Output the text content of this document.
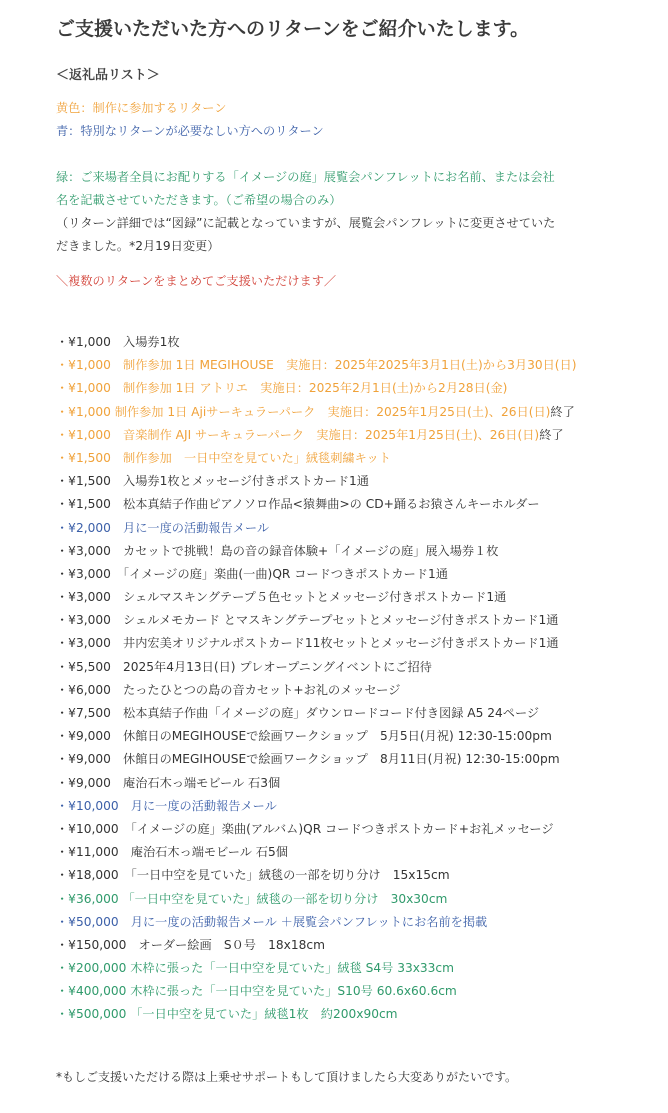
ご支援いただいた方へのリターンをご紹介いたします。

＜返礼品リスト＞

黄色：制作に参加するリターン

青：特別なリターンが必要なしい方へのリターン

緑：ご来場者全員にお配りする「イメージの庭」展覧会パンフレットにお名前、または会社

名を記載させていただきます。（ご希望の場合のみ）

（リターン詳細では“図録”に記載となっていますが、展覧会パンフレットに変更させていた

だきました。*2月19日変更）

＼複数のリターンをまとめてご支援いただけます／

・¥1,000　入場券1枚
・¥1,000　制作参加 1日 MEGIHOUSE　実施日：2025年2025年3月1日(土)から3月30日(日)
・¥1,000　制作参加 1日 アトリエ　実施日：2025年2月1日(土)から2月28日(金)
・¥1,000 制作参加 1日 Ajiサーキュラーパーク　実施日：2025年1月25日(土)、26日(日)終了
・¥1,000　音楽制作 AJI サーキュラーパーク　実施日：2025年1月25日(土)、26日(日)終了
・¥1,500　制作参加　一日中空を見ていた」絨毯刺繍キット
・¥1,500　入場券1枚とメッセージ付きポストカード1通
・¥1,500　松本真結子作曲ピアノソロ作品<猿舞曲>の CD+踊るお猿さんキーホルダー
・¥2,000　月に一度の活動報告メール
・¥3,000　カセットで挑戦！島の音の録音体験+「イメージの庭」展入場券１枚
・¥3,000　「イメージの庭」楽曲(一曲)QR コードつきポストカード1通
・¥3,000　シェルマスキングテープ５色セットとメッセージ付きポストカード1通
・¥3,000　シェルメモカード とマスキングテープセットとメッセージ付きポストカード1通
・¥3,000　井内宏美オリジナルポストカード11枚セットとメッセージ付きポストカード1通
・¥5,500　2025年4月13日(日) プレオープニングイベントにご招待
・¥6,000　たったひとつの島の音カセット+お礼のメッセージ
・¥7,500　松本真結子作曲「イメージの庭」ダウンロードコード付き図録 A5 24ページ
・¥9,000　休館日のMEGIHOUSEで絵画ワークショップ　5月5日(月祝) 12:30-15:00pm
・¥9,000　休館日のMEGIHOUSEで絵画ワークショップ　8月11日(月祝) 12:30-15:00pm
・¥9,000　庵治石木っ端モビール 石3個
・¥10,000　月に一度の活動報告メール
・¥10,000　「イメージの庭」楽曲(アルバム)QR コードつきポストカード+お礼メッセージ
・¥11,000　庵治石木っ端モビール 石5個
・¥18,000　「一日中空を見ていた」絨毯の一部を切り分け　15x15cm
・¥36,000 「一日中空を見ていた」絨毯の一部を切り分け　30x30cm
・¥50,000　月に一度の活動報告メール ＋展覧会パンフレットにお名前を掲載
・¥150,000　オーダー絵画　S０号　18x18cm
・¥200,000 木枠に張った「一日中空を見ていた」絨毯 S4号 33x33cm
・¥400,000 木枠に張った「一日中空を見ていた」S10号 60.6x60.6cm
・¥500,000 「一日中空を見ていた」絨毯1枚　約200x90cm

*もしご支援いただける際は上乗せサポートもして頂けましたら大変ありがたいです。
